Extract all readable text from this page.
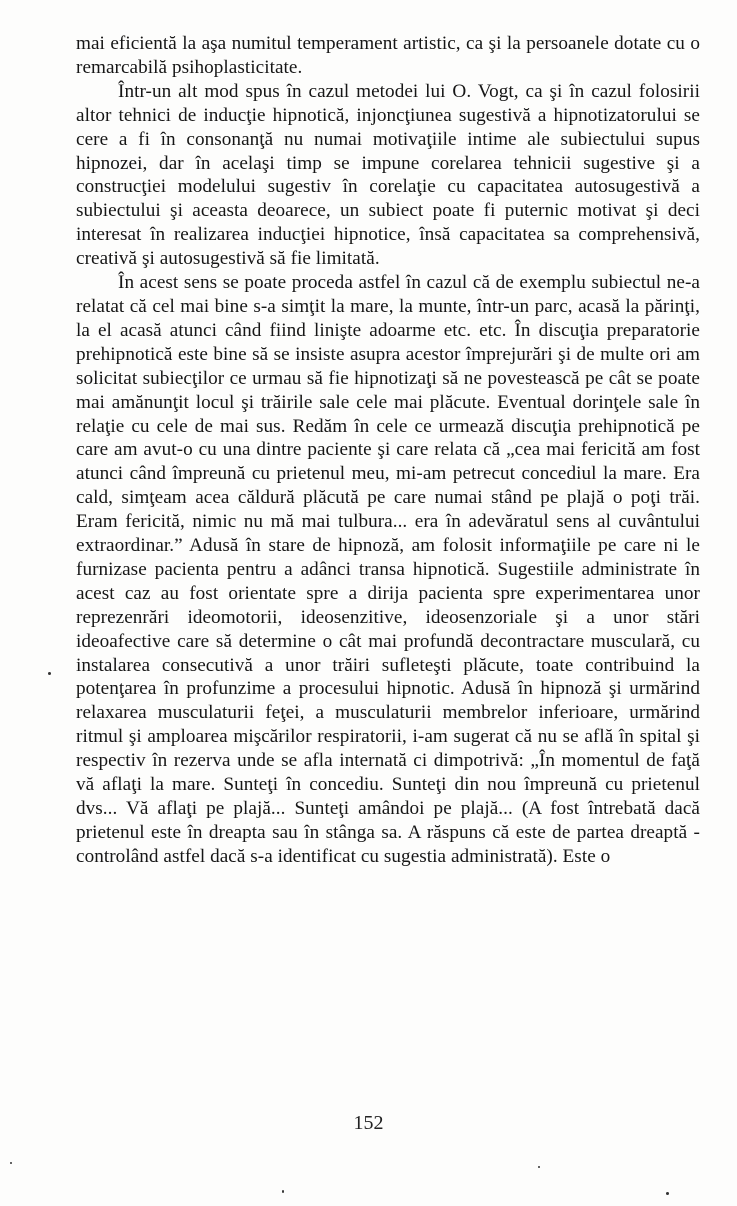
mai eficientă la aşa numitul temperament artistic, ca şi la persoanele dotate cu o remarcabilă psihoplasticitate.

Într-un alt mod spus în cazul metodei lui O. Vogt, ca şi în cazul folosirii altor tehnici de inducţie hipnotică, injoncţiunea sugestivă a hipnotizatorului se cere a fi în consonanţă nu numai motivaţiile intime ale subiectului supus hipnozei, dar în acelaşi timp se impune corelarea tehnicii sugestive şi a construcţiei modelului sugestiv în corelaţie cu capacitatea autosugestivă a subiectului şi aceasta deoarece, un subiect poate fi puternic motivat şi deci interesat în realizarea inducţiei hipnotice, însă capacitatea sa comprehensivă, creativă şi autosugestivă să fie limitată.

În acest sens se poate proceda astfel în cazul că de exemplu subiectul ne-a relatat că cel mai bine s-a simţit la mare, la munte, într-un parc, acasă la părinţi, la el acasă atunci când fiind linişte adoarme etc. etc. În discuţia preparatorie prehipnotică este bine să se insiste asupra acestor împrejurări şi de multe ori am solicitat subiecţilor ce urmau să fie hipnotizaţi să ne povestească pe cât se poate mai amănunţit locul şi trăirile sale cele mai plăcute. Eventual dorinţele sale în relaţie cu cele de mai sus. Redăm în cele ce urmează discuţia prehipnotică pe care am avut-o cu una dintre paciente şi care relata că „cea mai fericită am fost atunci când împreună cu prietenul meu, mi-am petrecut concediul la mare. Era cald, simţeam acea căldură plăcută pe care numai stând pe plajă o poţi trăi. Eram fericită, nimic nu mă mai tulbura... era în adevăratul sens al cuvântului extraordinar.” Adusă în stare de hipnoză, am folosit informaţiile pe care ni le furnizase pacienta pentru a adânci transa hipnotică. Sugestiile administrate în acest caz au fost orientate spre a dirija pacienta spre experimentarea unor reprezenrări ideomotorii, ideosenzitive, ideosenzoriale şi a unor stări ideoafective care să determine o cât mai profundă decontractare musculară, cu instalarea consecutivă a unor trăiri sufleteşti plăcute, toate contribuind la potenţarea în profunzime a procesului hipnotic. Adusă în hipnoză şi urmărind relaxarea musculaturii feţei, a musculaturii membrelor inferioare, urmărind ritmul şi amploarea mişcărilor respiratorii, i-am sugerat că nu se află în spital şi respectiv în rezerva unde se afla internată ci dimpotrivă: „În momentul de faţă vă aflaţi la mare. Sunteţi în concediu. Sunteţi din nou împreună cu prietenul dvs... Vă aflaţi pe plajă... Sunteţi amândoi pe plajă... (A fost întrebată dacă prietenul este în dreapta sau în stânga sa. A răspuns că este de partea dreaptă - controlând astfel dacă s-a identificat cu sugestia administrată). Este o

152
